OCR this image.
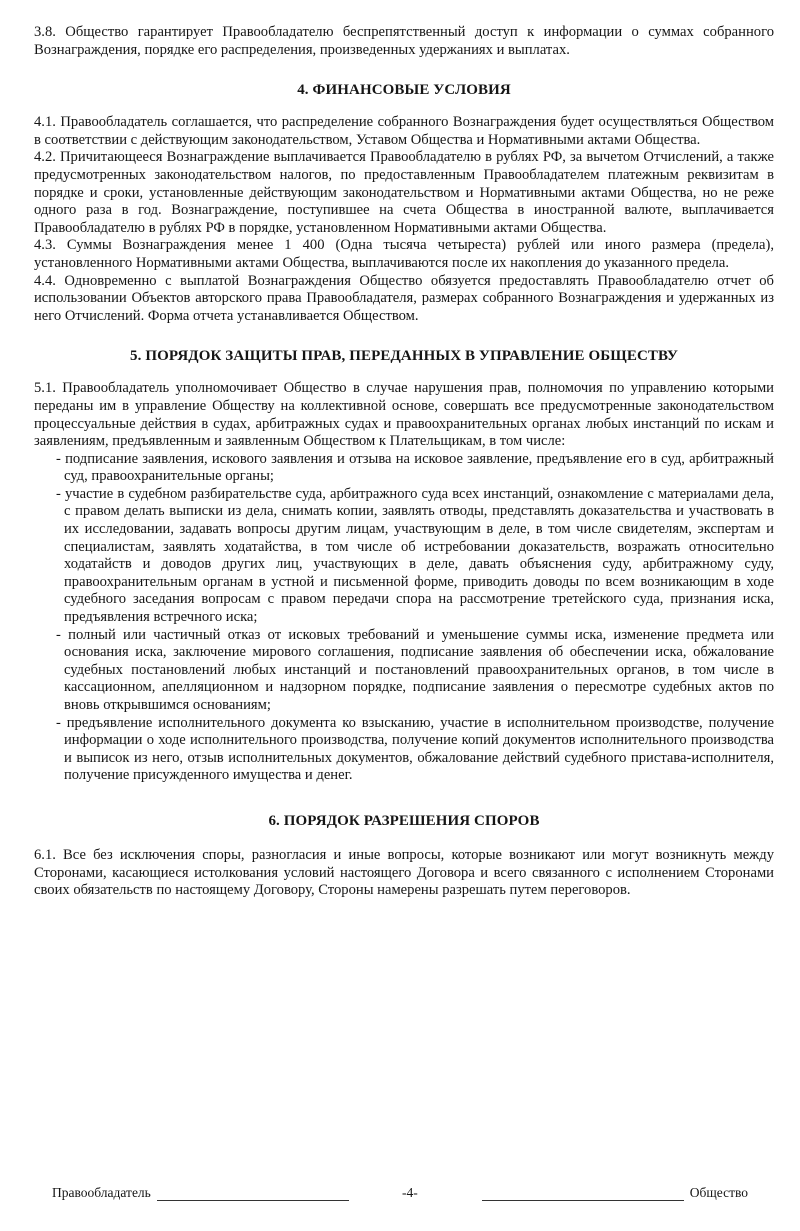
3.8. Общество гарантирует Правообладателю беспрепятственный доступ к информации о суммах собранного Вознаграждения, порядке его распределения, произведенных удержаниях и выплатах.

4. ФИНАНСОВЫЕ УСЛОВИЯ

4.1. Правообладатель соглашается, что распределение собранного Вознаграждения будет осуществляться Обществом в соответствии с действующим законодательством, Уставом Общества и Нормативными актами Общества.

4.2. Причитающееся Вознаграждение выплачивается Правообладателю в рублях РФ, за вычетом Отчислений, а также предусмотренных законодательством налогов, по предоставленным Правообладателем платежным реквизитам в порядке и сроки, установленные действующим законодательством и Нормативными актами Общества, но не реже одного раза в год. Вознаграждение, поступившее на счета Общества в иностранной валюте, выплачивается Правообладателю в рублях РФ в порядке, установленном Нормативными актами Общества.

4.3. Суммы Вознаграждения менее 1 400 (Одна тысяча четыреста) рублей или иного размера (предела), установленного Нормативными актами Общества, выплачиваются после их накопления до указанного предела.

4.4. Одновременно с выплатой Вознаграждения Общество обязуется предоставлять Правообладателю отчет об использовании Объектов авторского права Правообладателя, размерах собранного Вознаграждения и удержанных из него Отчислений. Форма отчета устанавливается Обществом.

5. ПОРЯДОК ЗАЩИТЫ ПРАВ, ПЕРЕДАННЫХ В УПРАВЛЕНИЕ ОБЩЕСТВУ

5.1. Правообладатель уполномочивает Общество в случае нарушения прав, полномочия по управлению которыми переданы им в управление Обществу на коллективной основе, совершать все предусмотренные законодательством процессуальные действия в судах, арбитражных судах и правоохранительных органах любых инстанций по искам и заявлениям, предъявленным и заявленным Обществом к Плательщикам, в том числе:

- подписание заявления, искового заявления и отзыва на исковое заявление, предъявление его в суд, арбитражный суд, правоохранительные органы;

- участие в судебном разбирательстве суда, арбитражного суда всех инстанций, ознакомление с материалами дела, с правом делать выписки из дела, снимать копии, заявлять отводы, представлять доказательства и участвовать в их исследовании, задавать вопросы другим лицам, участвующим в деле, в том числе свидетелям, экспертам и специалистам, заявлять ходатайства, в том числе об истребовании доказательств, возражать относительно ходатайств и доводов других лиц, участвующих в деле, давать объяснения суду, арбитражному суду, правоохранительным органам в устной и письменной форме, приводить доводы по всем возникающим в ходе судебного заседания вопросам с правом передачи спора на рассмотрение третейского суда, признания иска, предъявления встречного иска;

- полный или частичный отказ от исковых требований и уменьшение суммы иска, изменение предмета или основания иска, заключение мирового соглашения, подписание заявления об обеспечении иска, обжалование судебных постановлений любых инстанций и постановлений правоохранительных органов, в том числе в кассационном, апелляционном и надзорном порядке, подписание заявления о пересмотре судебных актов по вновь открывшимся основаниям;

- предъявление исполнительного документа ко взысканию, участие в исполнительном производстве, получение информации о ходе исполнительного производства, получение копий документов исполнительного производства и выписок из него, отзыв исполнительных документов, обжалование действий судебного пристава-исполнителя, получение присужденного имущества и денег.

6. ПОРЯДОК РАЗРЕШЕНИЯ СПОРОВ

6.1. Все без исключения споры, разногласия и иные вопросы, которые возникают или могут возникнуть между Сторонами, касающиеся истолкования условий настоящего Договора и всего связанного с исполнением Сторонами своих обязательств по настоящему Договору, Стороны намерены разрешать путем переговоров.

Правообладатель	-4-	Общество
